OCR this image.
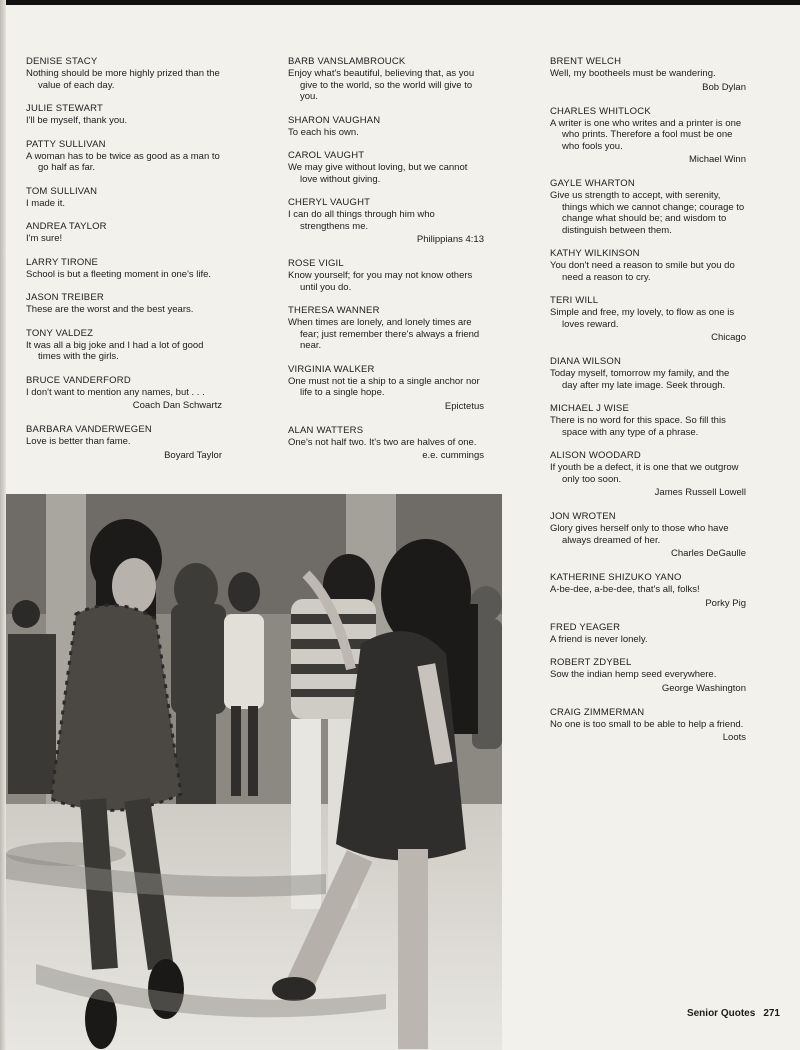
DENISE STACY
Nothing should be more highly prized than the value of each day.
JULIE STEWART
I'll be myself, thank you.
PATTY SULLIVAN
A woman has to be twice as good as a man to go half as far.
TOM SULLIVAN
I made it.
ANDREA TAYLOR
I'm sure!
LARRY TIRONE
School is but a fleeting moment in one's life.
JASON TREIBER
These are the worst and the best years.
TONY VALDEZ
It was all a big joke and I had a lot of good times with the girls.
BRUCE VANDERFORD
I don't want to mention any names, but . . .
Coach Dan Schwartz
BARBARA VANDERWEGEN
Love is better than fame.
Boyard Taylor
BARB VANSLAMBROUCK
Enjoy what's beautiful, believing that, as you give to the world, so the world will give to you.
SHARON VAUGHAN
To each his own.
CAROL VAUGHT
We may give without loving, but we cannot love without giving.
CHERYL VAUGHT
I can do all things through him who strengthens me.
Philippians 4:13
ROSE VIGIL
Know yourself; for you may not know others until you do.
THERESA WANNER
When times are lonely, and lonely times are fear; just remember there's always a friend near.
VIRGINIA WALKER
One must not tie a ship to a single anchor nor life to a single hope.
Epictetus
ALAN WATTERS
One's not half two. It's two are halves of one.
e.e. cummings
BRENT WELCH
Well, my bootheels must be wandering.
Bob Dylan
CHARLES WHITLOCK
A writer is one who writes and a printer is one who prints. Therefore a fool must be one who fools you.
Michael Winn
GAYLE WHARTON
Give us strength to accept, with serenity, things which we cannot change; courage to change what should be; and wisdom to distinguish between them.
KATHY WILKINSON
You don't need a reason to smile but you do need a reason to cry.
TERI WILL
Simple and free, my lovely, to flow as one is loves reward.
Chicago
DIANA WILSON
Today myself, tomorrow my family, and the day after my late image. Seek through.
MICHAEL J WISE
There is no word for this space. So fill this space with any type of a phrase.
ALISON WOODARD
If youth be a defect, it is one that we outgrow only too soon.
James Russell Lowell
JON WROTEN
Glory gives herself only to those who have always dreamed of her.
Charles DeGaulle
KATHERINE SHIZUKO YANO
A-be-dee, a-be-dee, that's all, folks!
Porky Pig
FRED YEAGER
A friend is never lonely.
ROBERT ZDYBEL
Sow the indian hemp seed everywhere.
George Washington
CRAIG ZIMMERMAN
No one is too small to be able to help a friend.
Loots
Senior Quotes 271
